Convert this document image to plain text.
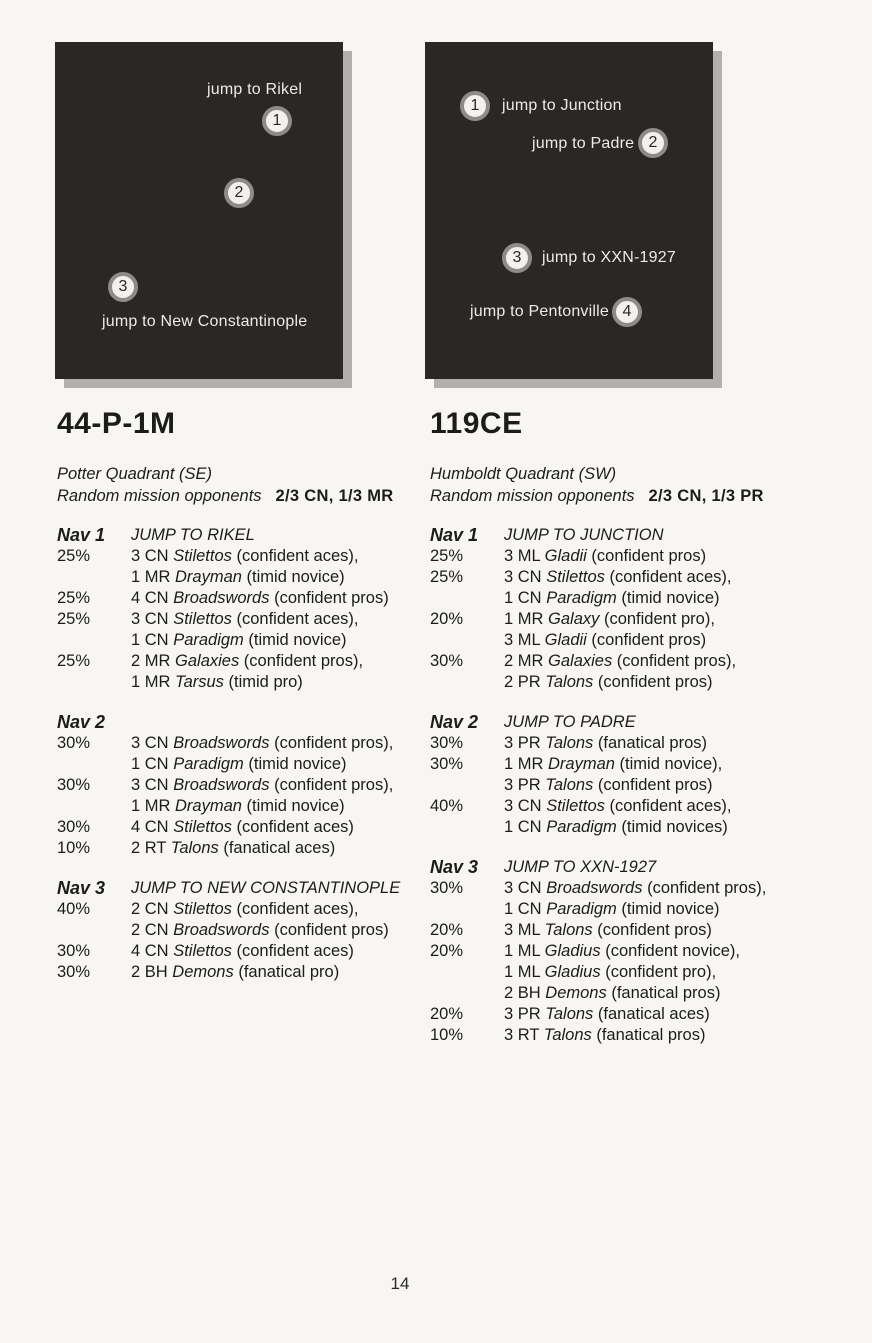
jump to Rikel
1
2
3
jump to New Constantinople
1	jump to Junction
jump to Padre 2
3	jump to XXN-1927
jump to Pentonville 4
44-P-1M
Potter Quadrant (SE)
Random mission opponents 2/3 CN, 1/3 MR
Nav 1	JUMP TO RIKEL
25%	3 CN Stilettos (confident aces),
1 MR Drayman (timid novice)
25%	4 CN Broadswords (confident pros)
25%	3 CN Stilettos (confident aces),
1 CN Paradigm (timid novice)
25%	2 MR Galaxies (confident pros),
1 MR Tarsus (timid pro)
Nav 2
30%	3 CN Broadswords (confident pros),
1 CN Paradigm (timid novice)
30%	3 CN Broadswords (confident pros),
1 MR Drayman (timid novice)
30%	4 CN Stilettos (confident aces)
10%	2 RT Talons (fanatical aces)
Nav 3	JUMP TO NEW CONSTANTINOPLE
40%	2 CN Stilettos (confident aces),
2 CN Broadswords (confident pros)
30%	4 CN Stilettos (confident aces)
30%	2 BH Demons (fanatical pro)
119CE
Humboldt Quadrant (SW)
Random mission opponents 2/3 CN, 1/3 PR
Nav 1	JUMP TO JUNCTION
25%	3 ML Gladii (confident pros)
25%	3 CN Stilettos (confident aces),
1 CN Paradigm (timid novice)
20%	1 MR Galaxy (confident pro),
3 ML Gladii (confident pros)
30%	2 MR Galaxies (confident pros),
2 PR Talons (confident pros)
Nav 2	JUMP TO PADRE
30%	3 PR Talons (fanatical pros)
30%	1 MR Drayman (timid novice),
3 PR Talons (confident pros)
40%	3 CN Stilettos (confident aces),
1 CN Paradigm (timid novices)
Nav 3	JUMP TO XXN-1927
30%	3 CN Broadswords (confident pros),
1 CN Paradigm (timid novice)
20%	3 ML Talons (confident pros)
20%	1 ML Gladius (confident novice),
1 ML Gladius (confident pro),
2 BH Demons (fanatical pros)
20%	3 PR Talons (fanatical aces)
10%	3 RT Talons (fanatical pros)
14
